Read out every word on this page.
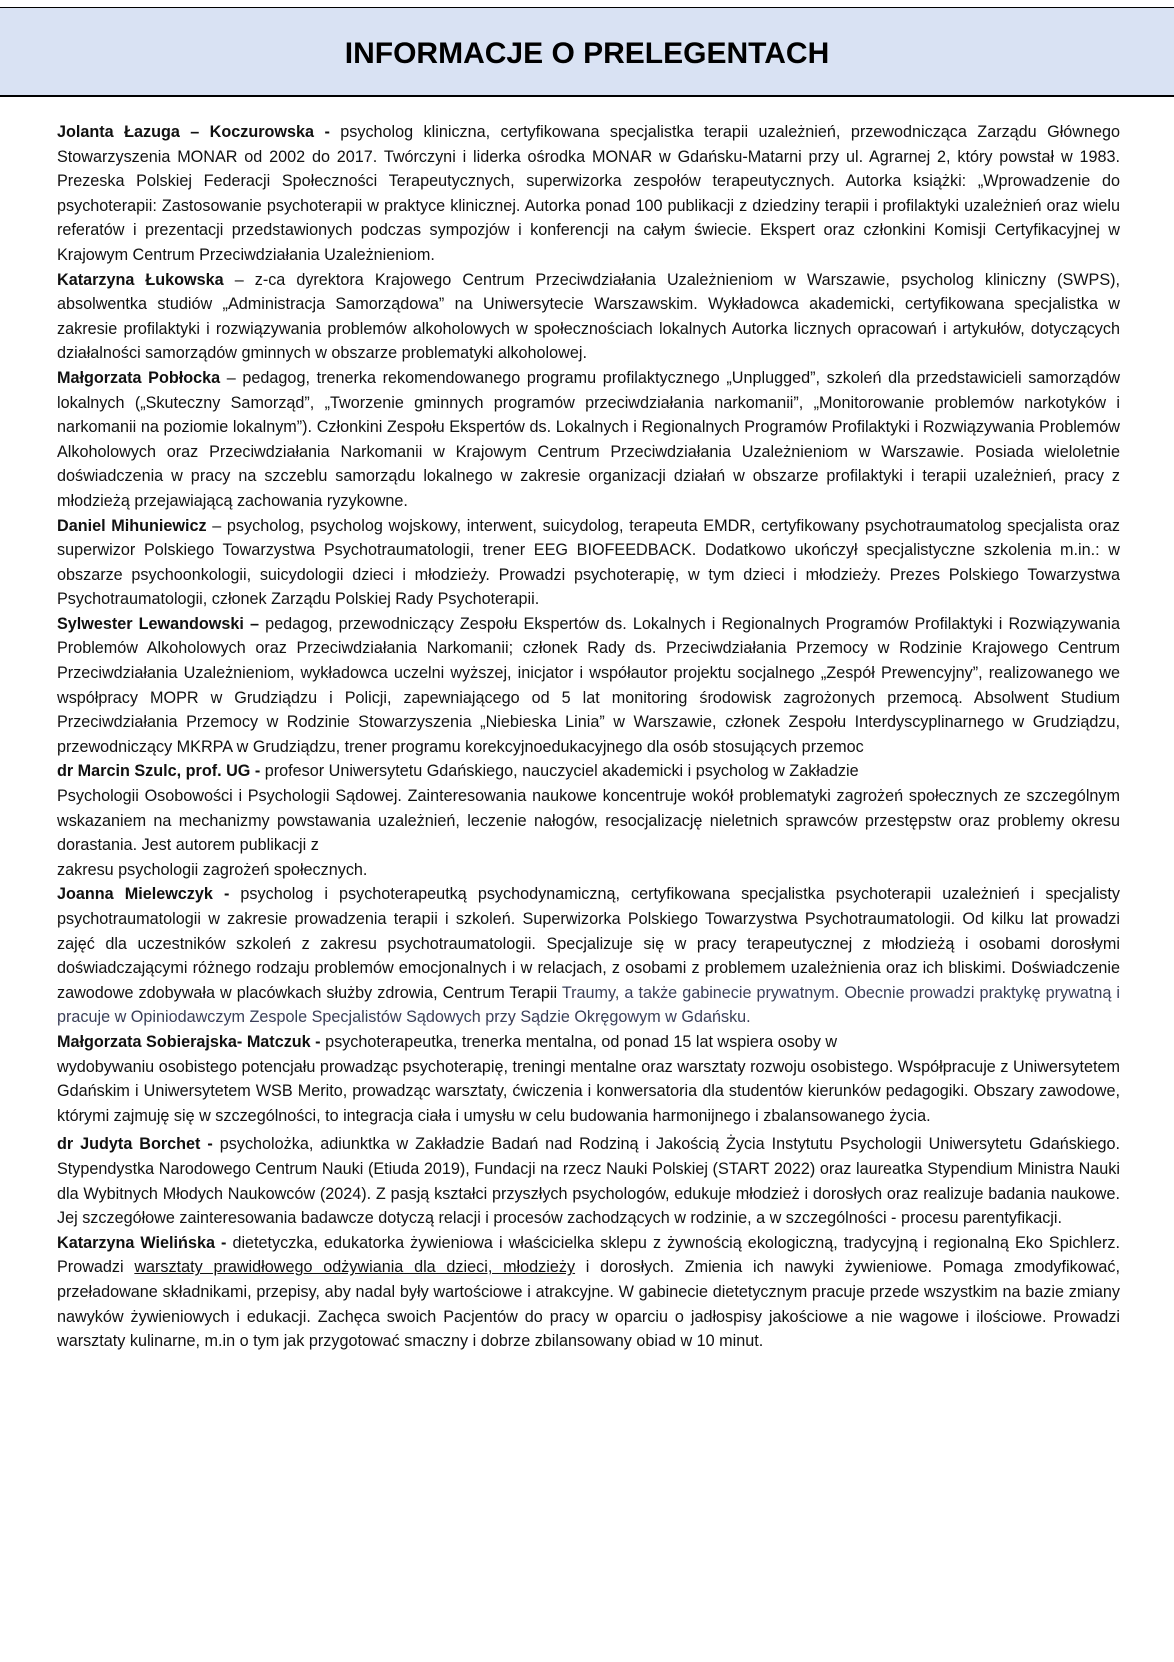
INFORMACJE O PRELEGENTACH

Jolanta Łazuga – Koczurowska - psycholog kliniczna, certyfikowana specjalistka terapii uzależnień, przewodnicząca Zarządu Głównego Stowarzyszenia MONAR od 2002 do 2017. Twórczyni i liderka ośrodka MONAR w Gdańsku-Matarni przy ul. Agrarnej 2, który powstał w 1983. Prezeska Polskiej Federacji Społeczności Terapeutycznych, superwizorka zespołów terapeutycznych. Autorka książki: „Wprowadzenie do psychoterapii: Zastosowanie psychoterapii w praktyce klinicznej. Autorka ponad 100 publikacji z dziedziny terapii i profilaktyki uzależnień oraz wielu referatów i prezentacji przedstawionych podczas sympozjów i konferencji na całym świecie. Ekspert oraz członkini Komisji Certyfikacyjnej w Krajowym Centrum Przeciwdziałania Uzależnieniom.

Katarzyna Łukowska – z-ca dyrektora Krajowego Centrum Przeciwdziałania Uzależnieniom w Warszawie, psycholog kliniczny (SWPS), absolwentka studiów „Administracja Samorządowa” na Uniwersytecie Warszawskim. Wykładowca akademicki, certyfikowana specjalistka w zakresie profilaktyki i rozwiązywania problemów alkoholowych w społecznościach lokalnych Autorka licznych opracowań i artykułów, dotyczących działalności samorządów gminnych w obszarze problematyki alkoholowej.

Małgorzata Pobłocka – pedagog, trenerka rekomendowanego programu profilaktycznego „Unplugged”, szkoleń dla przedstawicieli samorządów lokalnych („Skuteczny Samorząd”, „Tworzenie gminnych programów przeciwdziałania narkomanii”, „Monitorowanie problemów narkotyków i narkomanii na poziomie lokalnym”). Członkini Zespołu Ekspertów ds. Lokalnych i Regionalnych Programów Profilaktyki i Rozwiązywania Problemów Alkoholowych oraz Przeciwdziałania Narkomanii w Krajowym Centrum Przeciwdziałania Uzależnieniom w Warszawie. Posiada wieloletnie doświadczenia w pracy na szczeblu samorządu lokalnego w zakresie organizacji działań w obszarze profilaktyki i terapii uzależnień, pracy z młodzieżą przejawiającą zachowania ryzykowne.

Daniel Mihuniewicz – psycholog, psycholog wojskowy, interwent, suicydolog, terapeuta EMDR, certyfikowany psychotraumatolog specjalista oraz superwizor Polskiego Towarzystwa Psychotraumatologii, trener EEG BIOFEEDBACK. Dodatkowo ukończył specjalistyczne szkolenia m.in.: w obszarze psychoonkologii, suicydologii dzieci i młodzieży. Prowadzi psychoterapię, w tym dzieci i młodzieży. Prezes Polskiego Towarzystwa Psychotraumatologii, członek Zarządu Polskiej Rady Psychoterapii.

Sylwester Lewandowski – pedagog, przewodniczący Zespołu Ekspertów ds. Lokalnych i Regionalnych Programów Profilaktyki i Rozwiązywania Problemów Alkoholowych oraz Przeciwdziałania Narkomanii; członek Rady ds. Przeciwdziałania Przemocy w Rodzinie Krajowego Centrum Przeciwdziałania Uzależnieniom, wykładowca uczelni wyższej, inicjator i współautor projektu socjalnego „Zespół Prewencyjny”, realizowanego we współpracy MOPR w Grudziądzu i Policji, zapewniającego od 5 lat monitoring środowisk zagrożonych przemocą. Absolwent Studium Przeciwdziałania Przemocy w Rodzinie Stowarzyszenia „Niebieska Linia” w Warszawie, członek Zespołu Interdyscyplinarnego w Grudziądzu, przewodniczący MKRPA w Grudziądzu, trener programu korekcyjnoedukacyjnego dla osób stosujących przemoc

dr Marcin Szulc, prof. UG - profesor Uniwersytetu Gdańskiego, nauczyciel akademicki i psycholog w Zakładzie

Psychologii Osobowości i Psychologii Sądowej. Zainteresowania naukowe koncentruje wokół problematyki zagrożeń społecznych ze szczególnym wskazaniem na mechanizmy powstawania uzależnień, leczenie nałogów, resocjalizację nieletnich sprawców przestępstw oraz problemy okresu dorastania. Jest autorem publikacji z
zakresu psychologii zagrożeń społecznych.

Joanna Mielewczyk - psycholog i psychoterapeutką psychodynamiczną, certyfikowana specjalistka psychoterapii uzależnień i specjalisty psychotraumatologii w zakresie prowadzenia terapii i szkoleń. Superwizorka Polskiego Towarzystwa Psychotraumatologii. Od kilku lat prowadzi zajęć dla uczestników szkoleń z zakresu psychotraumatologii. Specjalizuje się w pracy terapeutycznej z młodzieżą i osobami dorosłymi doświadczającymi różnego rodzaju problemów emocjonalnych i w relacjach, z osobami z problemem uzależnienia oraz ich bliskimi. Doświadczenie zawodowe zdobywała w placówkach służby zdrowia, Centrum Terapii Traumy, a także gabinecie prywatnym. Obecnie prowadzi praktykę prywatną i pracuje w Opiniodawczym Zespole Specjalistów Sądowych przy Sądzie Okręgowym w Gdańsku.

Małgorzata Sobierajska- Matczuk - psychoterapeutka, trenerka mentalna, od ponad 15 lat wspiera osoby w

wydobywaniu osobistego potencjału prowadząc psychoterapię, treningi mentalne oraz warsztaty rozwoju osobistego. Współpracuje z Uniwersytetem Gdańskim i Uniwersytetem WSB Merito, prowadząc warsztaty, ćwiczenia i konwersatoria dla studentów kierunków pedagogiki. Obszary zawodowe, którymi zajmuję się w szczególności, to integracja ciała i umysłu w celu budowania harmonijnego i zbalansowanego życia.

dr Judyta Borchet - psycholożka, adiunktka w Zakładzie Badań nad Rodziną i Jakością Życia Instytutu Psychologii Uniwersytetu Gdańskiego. Stypendystka Narodowego Centrum Nauki (Etiuda 2019), Fundacji na rzecz Nauki Polskiej (START 2022) oraz laureatka Stypendium Ministra Nauki dla Wybitnych Młodych Naukowców (2024). Z pasją kształci przyszłych psychologów, edukuje młodzież i dorosłych oraz realizuje badania naukowe. Jej szczegółowe zainteresowania badawcze dotyczą relacji i procesów zachodzących w rodzinie, a w szczególności - procesu parentyfikacji.

Katarzyna Wielińska - dietetyczka, edukatorka żywieniowa i właścicielka sklepu z żywnością ekologiczną, tradycyjną i regionalną Eko Spichlerz. Prowadzi warsztaty prawidłowego odżywiania dla dzieci, młodzieży i dorosłych. Zmienia ich nawyki żywieniowe. Pomaga zmodyfikować, przeładowane składnikami, przepisy, aby nadal były wartościowe i atrakcyjne. W gabinecie dietetycznym pracuje przede wszystkim na bazie zmiany nawyków żywieniowych i edukacji. Zachęca swoich Pacjentów do pracy w oparciu o jadłospisy jakościowe a nie wagowe i ilościowe. Prowadzi warsztaty kulinarne, m.in o tym jak przygotować smaczny i dobrze zbilansowany obiad w 10 minut.
